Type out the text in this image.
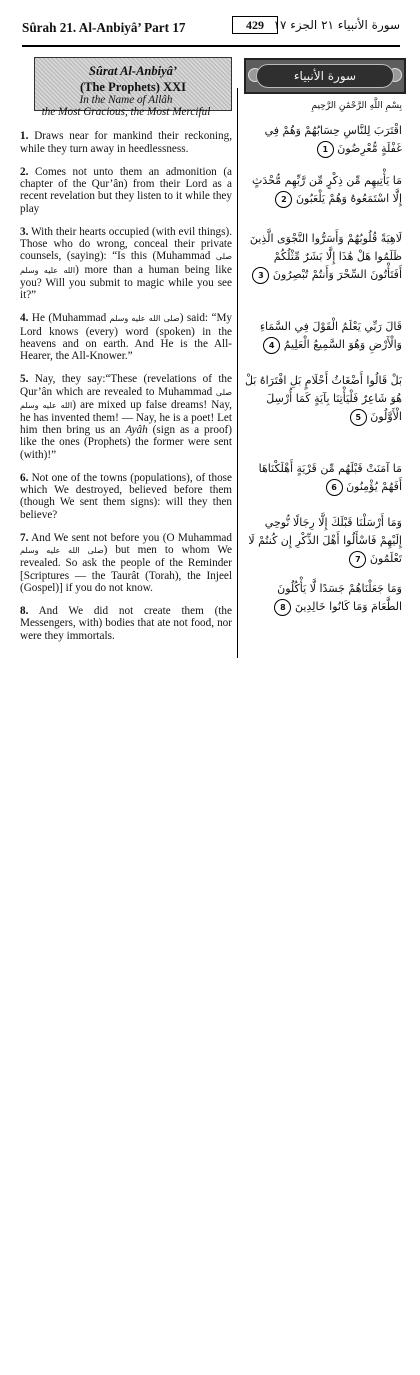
Sûrah 21. Al-Anbiyâ’ Part 17	429 سورة الأنبياء ٢١ الجزء ١٧
Sûrat Al-Anbiyâ’
(The Prophets) XXI
سورة الأنبياء
In the Name of Allâh
the Most Gracious, the Most Merciful

1. Draws near for mankind their reckoning, while they turn away in heedlessness.

2. Comes not unto them an admonition (a chapter of the Qur’ân) from their Lord as a recent revelation but they listen to it while they play

3. With their hearts occupied (with evil things). Those who do wrong, conceal their private counsels, (saying): “Is this (Muhammad صلى الله عليه وسلم) more than a human being like you? Will you submit to magic while you see it?”

4. He (Muhammad صلى الله عليه وسلم) said: “My Lord knows (every) word (spoken) in the heavens and on earth. And He is the All-Hearer, the All-Knower.”

5. Nay, they say:“These (revelations of the Qur’ân which are revealed to Muhammad صلى الله عليه وسلم) are mixed up false dreams! Nay, he has invented them! — Nay, he is a poet! Let him then bring us an Ayâh (sign as a proof) like the ones (Prophets) the former were sent (with)!”

6. Not one of the towns (populations), of those which We destroyed, believed before them (though We sent them signs): will they then believe?

7. And We sent not before you (O Muhammad صلى الله عليه وسلم) but men to whom We revealed. So ask the people of the Reminder [Scriptures — the Taurât (Torah), the Injeel (Gospel)] if you do not know.

8. And We did not create them (the Messengers, with) bodies that ate not food, nor were they immortals.

بِسْمِ اللَّهِ الرَّحْمَٰنِ الرَّحِيمِ
اقْتَرَبَ لِلنَّاسِ حِسَابُهُمْ وَهُمْ فِي غَفْلَةٍ مُّعْرِضُونَ 1
مَا يَأْتِيهِم مِّن ذِكْرٍ مِّن رَّبِّهِم مُّحْدَثٍ إِلَّا اسْتَمَعُوهُ وَهُمْ يَلْعَبُونَ 2
لَاهِيَةً قُلُوبُهُمْ وَأَسَرُّوا النَّجْوَى الَّذِينَ ظَلَمُوا هَلْ هَٰذَا إِلَّا بَشَرٌ مِّثْلُكُمْ أَفَتَأْتُونَ السِّحْرَ وَأَنتُمْ تُبْصِرُونَ 3
قَالَ رَبِّي يَعْلَمُ الْقَوْلَ فِي السَّمَاءِ وَالْأَرْضِ وَهُوَ السَّمِيعُ الْعَلِيمُ 4
بَلْ قَالُوا أَضْغَاثُ أَحْلَامٍ بَلِ افْتَرَاهُ بَلْ هُوَ شَاعِرٌ فَلْيَأْتِنَا بِآيَةٍ كَمَا أُرْسِلَ الْأَوَّلُونَ 5
مَا آمَنَتْ قَبْلَهُم مِّن قَرْيَةٍ أَهْلَكْنَاهَا أَفَهُمْ يُؤْمِنُونَ 6
وَمَا أَرْسَلْنَا قَبْلَكَ إِلَّا رِجَالًا نُّوحِي إِلَيْهِمْ فَاسْأَلُوا أَهْلَ الذِّكْرِ إِن كُنتُمْ لَا تَعْلَمُونَ 7
وَمَا جَعَلْنَاهُمْ جَسَدًا لَّا يَأْكُلُونَ الطَّعَامَ وَمَا كَانُوا خَالِدِينَ 8
